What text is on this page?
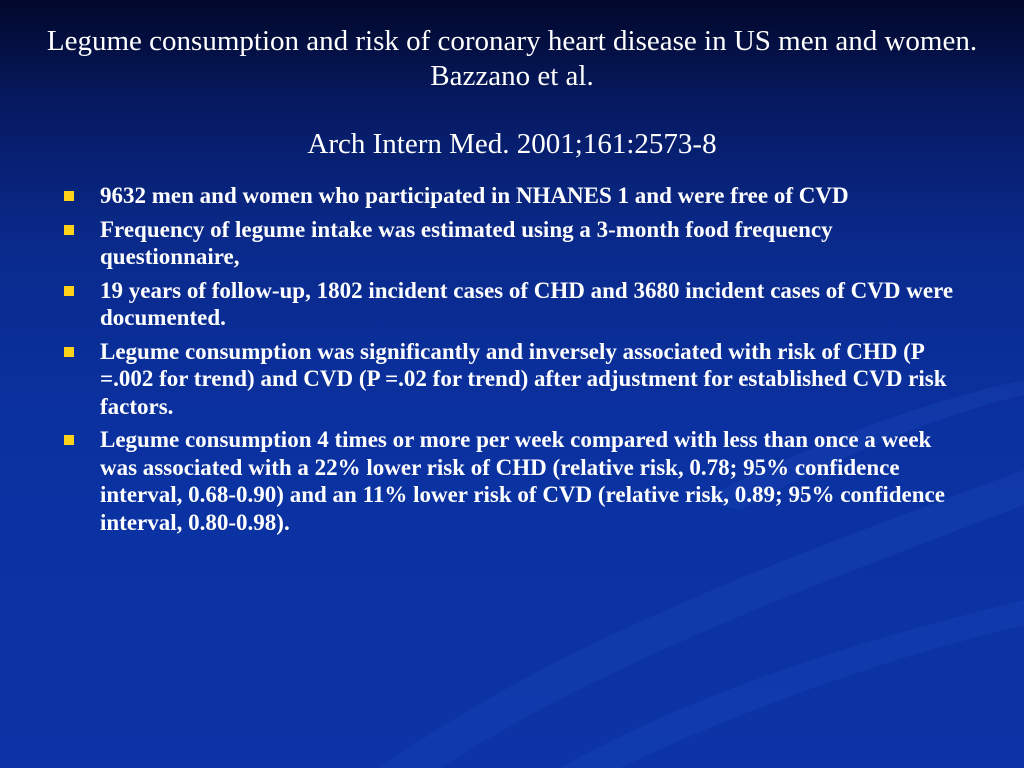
Legume consumption and risk of coronary heart disease in US men and women. Bazzano et al.

Arch Intern Med. 2001;161:2573-8

9632 men and women who participated in NHANES 1 and were free of CVD
Frequency of legume intake was estimated using a 3-month food frequency questionnaire,
19 years of follow-up, 1802 incident cases of CHD and 3680 incident cases of CVD were documented.
Legume consumption was significantly and inversely associated with risk of CHD (P =.002 for trend) and CVD (P =.02 for trend) after adjustment for established CVD risk factors.
Legume consumption 4 times or more per week compared with less than once a week was associated with a 22% lower risk of CHD (relative risk, 0.78; 95% confidence interval, 0.68-0.90) and an 11% lower risk of CVD (relative risk, 0.89; 95% confidence interval, 0.80-0.98).
